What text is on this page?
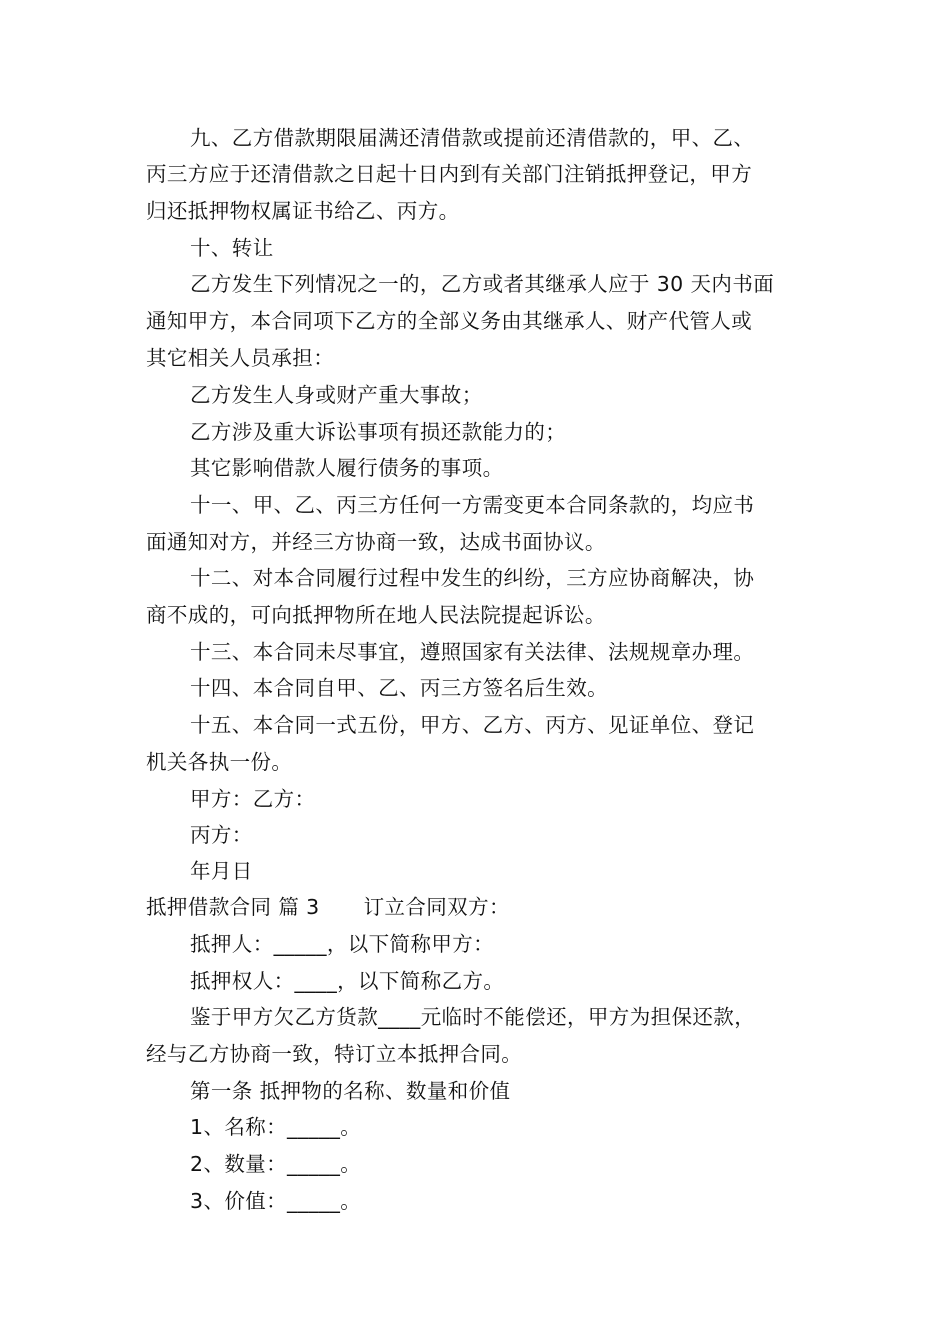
九、乙方借款期限届满还清借款或提前还清借款的，甲、乙、
丙三方应于还清借款之日起十日内到有关部门注销抵押登记，甲方
归还抵押物权属证书给乙、丙方。
十、转让
乙方发生下列情况之一的，乙方或者其继承人应于 30 天内书面
通知甲方，本合同项下乙方的全部义务由其继承人、财产代管人或
其它相关人员承担：
乙方发生人身或财产重大事故；
乙方涉及重大诉讼事项有损还款能力的；
其它影响借款人履行债务的事项。
十一、甲、乙、丙三方任何一方需变更本合同条款的，均应书
面通知对方，并经三方协商一致，达成书面协议。
十二、对本合同履行过程中发生的纠纷，三方应协商解决，协
商不成的，可向抵押物所在地人民法院提起诉讼。
十三、本合同未尽事宜，遵照国家有关法律、法规规章办理。
十四、本合同自甲、乙、丙三方签名后生效。
十五、本合同一式五份，甲方、乙方、丙方、见证单位、登记
机关各执一份。
甲方：乙方：
丙方：
年月日
抵押借款合同 篇 3 订立合同双方：
抵押人：_____，以下简称甲方：
抵押权人：____，以下简称乙方。
鉴于甲方欠乙方货款____元临时不能偿还，甲方为担保还款，
经与乙方协商一致，特订立本抵押合同。
第一条 抵押物的名称、数量和价值
1、名称：_____。
2、数量：_____。
3、价值：_____。
